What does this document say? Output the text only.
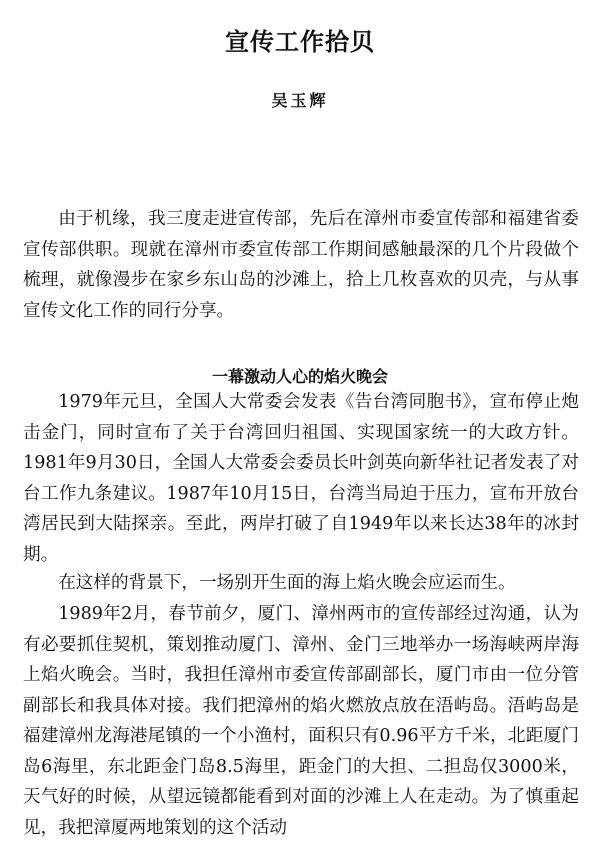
宣传工作拾贝
吴玉辉

由于机缘，我三度走进宣传部，先后在漳州市委宣传部和福建省委宣传部供职。现就在漳州市委宣传部工作期间感触最深的几个片段做个梳理，就像漫步在家乡东山岛的沙滩上，拾上几枚喜欢的贝壳，与从事宣传文化工作的同行分享。

一幕激动人心的焰火晚会

1979年元旦，全国人大常委会发表《告台湾同胞书》，宣布停止炮击金门，同时宣布了关于台湾回归祖国、实现国家统一的大政方针。1981年9月30日，全国人大常委会委员长叶剑英向新华社记者发表了对台工作九条建议。1987年10月15日，台湾当局迫于压力，宣布开放台湾居民到大陆探亲。至此，两岸打破了自1949年以来长达38年的冰封期。

在这样的背景下，一场别开生面的海上焰火晚会应运而生。

1989年2月，春节前夕，厦门、漳州两市的宣传部经过沟通，认为有必要抓住契机，策划推动厦门、漳州、金门三地举办一场海峡两岸海上焰火晚会。当时，我担任漳州市委宣传部副部长，厦门市由一位分管副部长和我具体对接。我们把漳州的焰火燃放点放在浯屿岛。浯屿岛是福建漳州龙海港尾镇的一个小渔村，面积只有0.96平方千米，北距厦门岛6海里，东北距金门岛8.5海里，距金门的大担、二担岛仅3000米，天气好的时候，从望远镜都能看到对面的沙滩上人在走动。为了慎重起见，我把漳厦两地策划的这个活动
